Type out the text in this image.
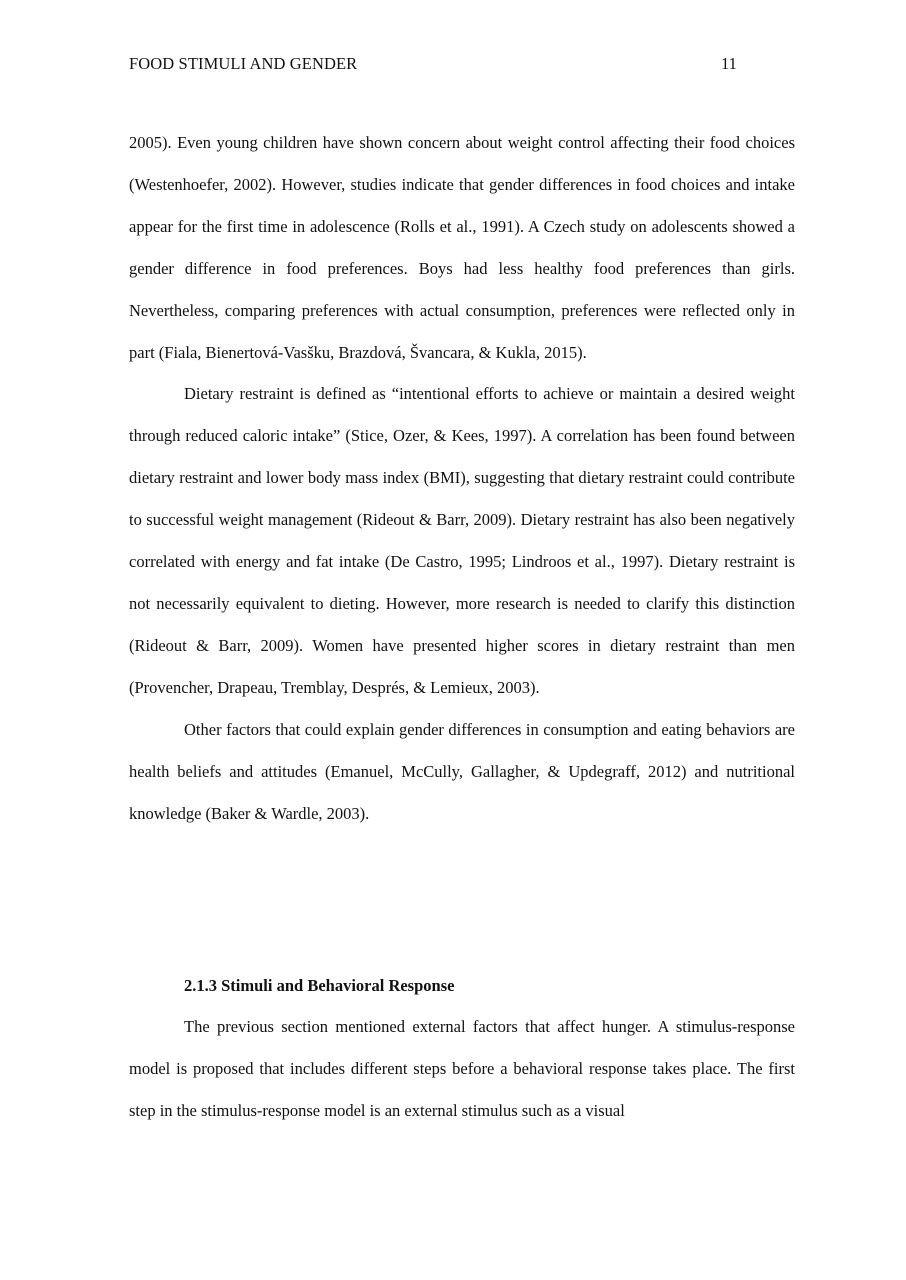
FOOD STIMULI AND GENDER	11

2005). Even young children have shown concern about weight control affecting their food choices (Westenhoefer, 2002). However, studies indicate that gender differences in food choices and intake appear for the first time in adolescence (Rolls et al., 1991). A Czech study on adolescents showed a gender difference in food preferences. Boys had less healthy food preferences than girls. Nevertheless, comparing preferences with actual consumption, preferences were reflected only in part (Fiala, Bienertová-Vasšku, Brazdová, Švancara, & Kukla, 2015).

Dietary restraint is defined as “intentional efforts to achieve or maintain a desired weight through reduced caloric intake” (Stice, Ozer, & Kees, 1997). A correlation has been found between dietary restraint and lower body mass index (BMI), suggesting that dietary restraint could contribute to successful weight management (Rideout & Barr, 2009). Dietary restraint has also been negatively correlated with energy and fat intake (De Castro, 1995; Lindroos et al., 1997). Dietary restraint is not necessarily equivalent to dieting. However, more research is needed to clarify this distinction (Rideout & Barr, 2009). Women have presented higher scores in dietary restraint than men (Provencher, Drapeau, Tremblay, Després, & Lemieux, 2003).

Other factors that could explain gender differences in consumption and eating behaviors are health beliefs and attitudes (Emanuel, McCully, Gallagher, & Updegraff, 2012) and nutritional knowledge (Baker & Wardle, 2003).

2.1.3 Stimuli and Behavioral Response

The previous section mentioned external factors that affect hunger. A stimulus-response model is proposed that includes different steps before a behavioral response takes place. The first step in the stimulus-response model is an external stimulus such as a visual
